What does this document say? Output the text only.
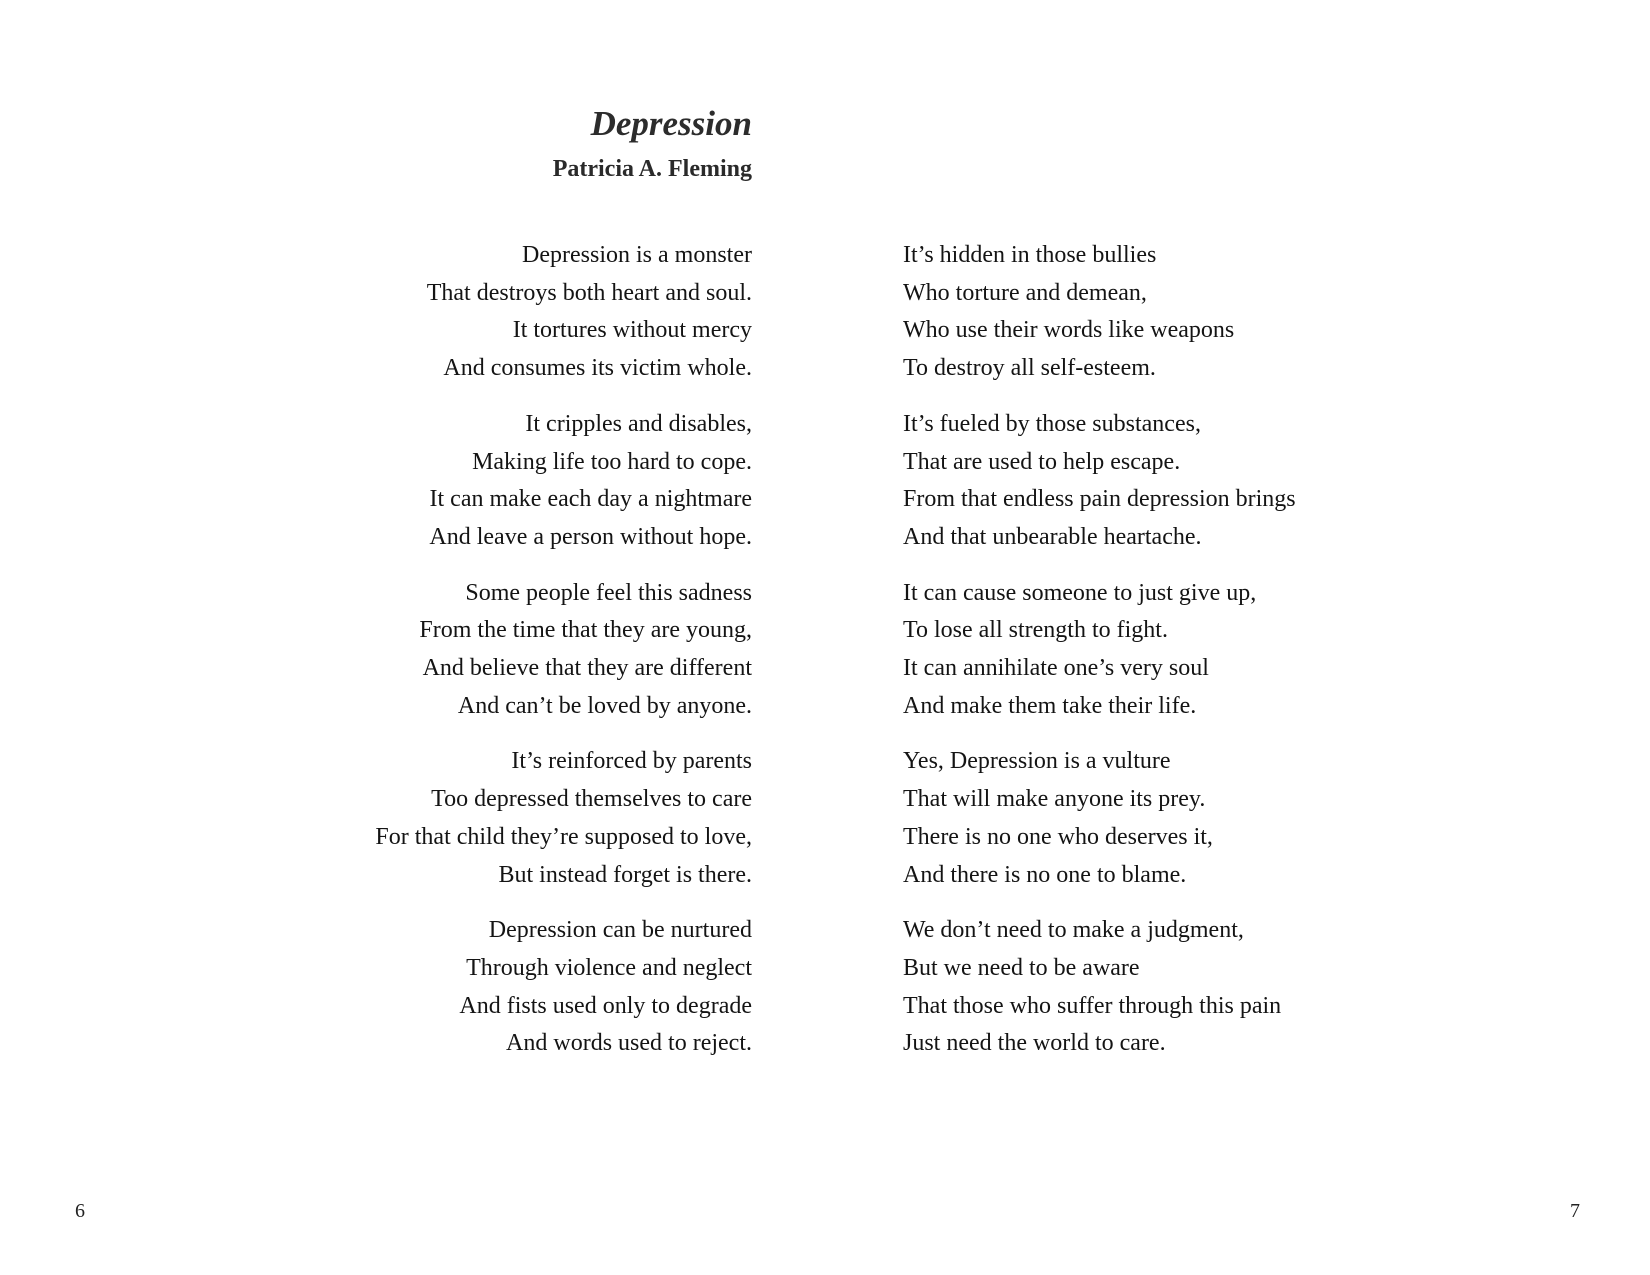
Depression
Patricia A. Fleming
Depression is a monster
That destroys both heart and soul.
It tortures without mercy
And consumes its victim whole.
It cripples and disables,
Making life too hard to cope.
It can make each day a nightmare
And leave a person without hope.
Some people feel this sadness
From the time that they are young,
And believe that they are different
And can’t be loved by anyone.
It’s reinforced by parents
Too depressed themselves to care
For that child they’re supposed to love,
But instead forget is there.
Depression can be nurtured
Through violence and neglect
And fists used only to degrade
And words used to reject.
It’s hidden in those bullies
Who torture and demean,
Who use their words like weapons
To destroy all self-esteem.
It’s fueled by those substances,
That are used to help escape.
From that endless pain depression brings
And that unbearable heartache.
It can cause someone to just give up,
To lose all strength to fight.
It can annihilate one’s very soul
And make them take their life.
Yes, Depression is a vulture
That will make anyone its prey.
There is no one who deserves it,
And there is no one to blame.
We don’t need to make a judgment,
But we need to be aware
That those who suffer through this pain
Just need the world to care.
6	7
